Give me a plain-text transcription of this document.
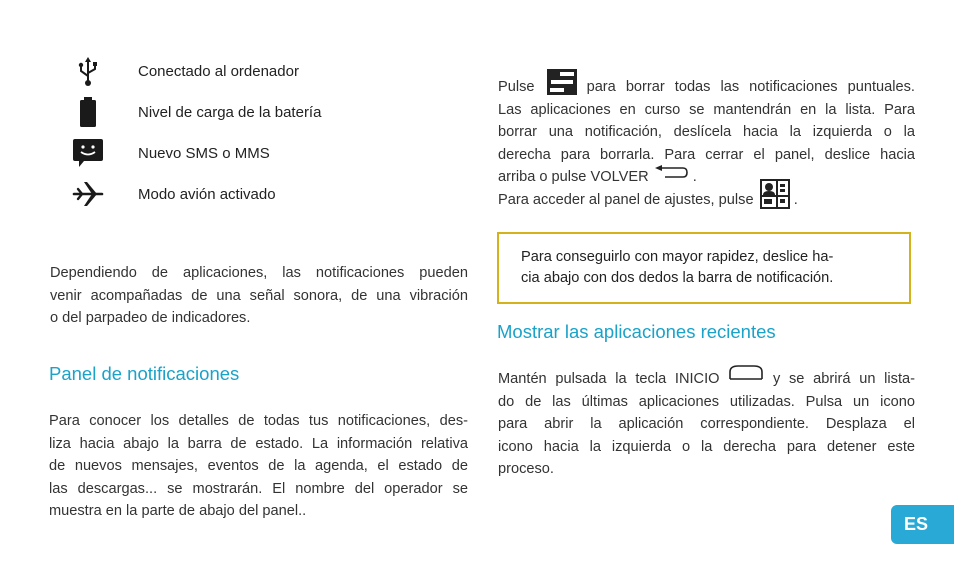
Conectado al ordenador
Nivel de carga de la batería
Nuevo SMS o MMS
Modo avión activado
Dependiendo de aplicaciones, las notificaciones pueden
venir acompañadas de una señal sonora, de una vibración
o del parpadeo de indicadores.
Panel de notificaciones
Para conocer los detalles de todas tus notificaciones, des-
liza hacia abajo la barra de estado. La información relativa
de nuevos mensajes, eventos de la agenda, el estado de
las descargas... se mostrarán. El nombre del operador se
muestra en la parte de abajo del panel..
Pulse	para borrar todas las notificaciones puntuales.
Las aplicaciones en curso se mantendrán en la lista. Para
borrar una notificación, deslícela hacia la izquierda o la
derecha para borrarla. Para cerrar el panel, deslice hacia
arriba o pulse VOLVER	.
Para acceder al panel de ajustes, pulse	.
Para conseguirlo con mayor rapidez, deslice ha-
cia abajo con dos dedos la barra de notificación.
Mostrar las aplicaciones recientes
Mantén pulsada la tecla INICIO	y se abrirá un lista-
do de las últimas aplicaciones utilizadas. Pulsa un icono
para abrir la aplicación correspondiente. Desplaza el
icono hacia la izquierda o la derecha para detener este
proceso.
ES
